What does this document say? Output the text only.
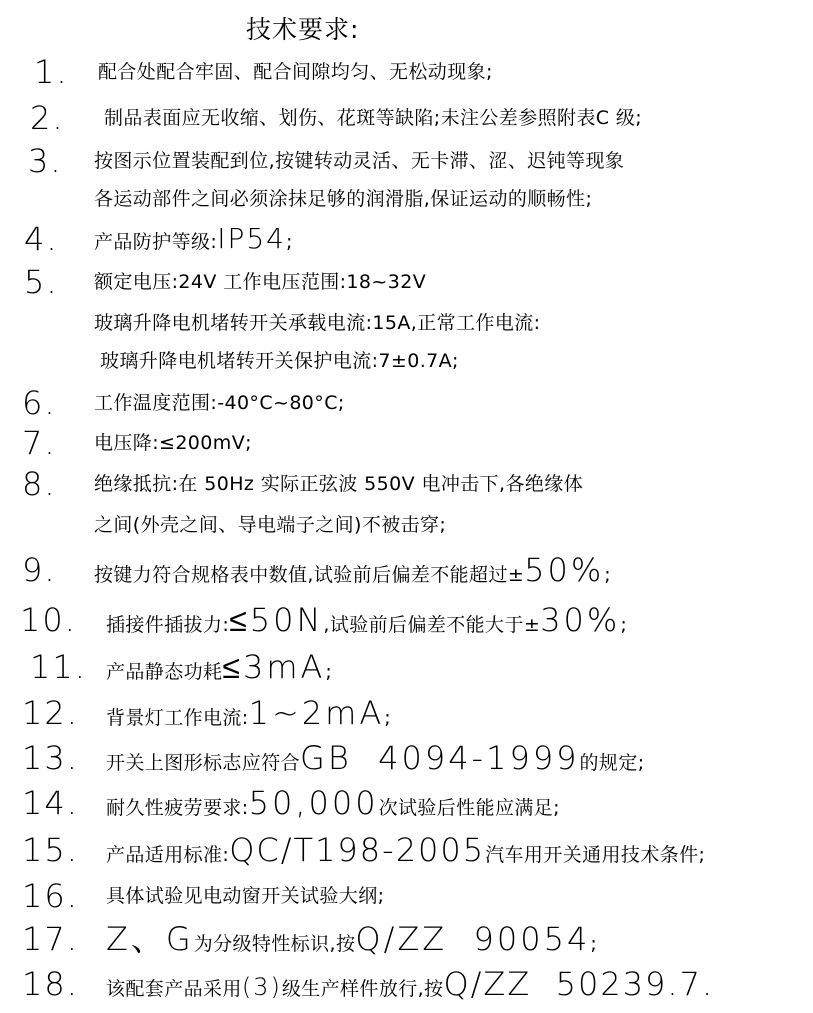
技术要求:
1. 配合处配合牢固、配合间隙均匀、无松动现象;
2. 制品表面应无收缩、划伤、花斑等缺陷;未注公差参照附表C 级;
3. 按图示位置装配到位,按键转动灵活、无卡滞、涩、迟钝等现象
各运动部件之间必须涂抹足够的润滑脂,保证运动的顺畅性;
4. 产品防护等级:IP54;
5. 额定电压:24V 工作电压范围:18~32V
玻璃升降电机堵转开关承载电流:15A,正常工作电流:
玻璃升降电机堵转开关保护电流:7±0.7A;
6. 工作温度范围:-40°C~80°C;
7. 电压降:≤200mV;
8. 绝缘抵抗:在 50Hz 实际正弦波 550V 电冲击下,各绝缘体
之间(外壳之间、导电端子之间)不被击穿;
9. 按键力符合规格表中数值,试验前后偏差不能超过±50%;
10. 插接件插拔力:≤50N,试验前后偏差不能大于±30%;
11. 产品静态功耗≤3mA;
12. 背景灯工作电流:1~2mA;
13. 开关上图形标志应符合GB  4094-1999的规定;
14. 耐久性疲劳要求:50,000次试验后性能应满足;
15. 产品适用标准:QC/T198-2005汽车用开关通用技术条件;
16. 具体试验见电动窗开关试验大纲;
17. Z、G为分级特性标识,按Q/ZZ  90054;
18. 该配套产品采用(3)级生产样件放行,按Q/ZZ  50239.7.
